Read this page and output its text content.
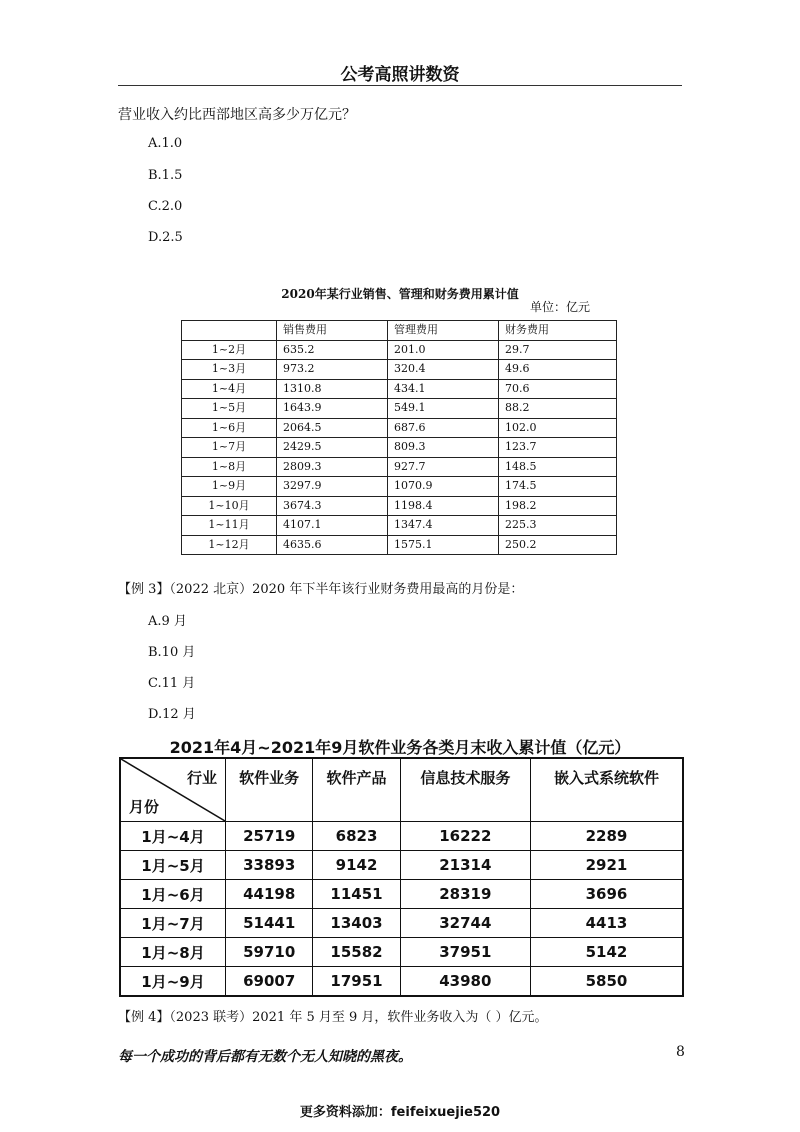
公考高照讲数资
营业收入约比西部地区高多少万亿元？
A.1.0
B.1.5
C.2.0
D.2.5
2020年某行业销售、管理和财务费用累计值
单位：亿元
	销售费用	管理费用	财务费用
1~2月	635.2	201.0	29.7
1~3月	973.2	320.4	49.6
1~4月	1310.8	434.1	70.6
1~5月	1643.9	549.1	88.2
1~6月	2064.5	687.6	102.0
1~7月	2429.5	809.3	123.7
1~8月	2809.3	927.7	148.5
1~9月	3297.9	1070.9	174.5
1~10月	3674.3	1198.4	198.2
1~11月	4107.1	1347.4	225.3
1~12月	4635.6	1575.1	250.2
【例 3】（2022 北京）2020 年下半年该行业财务费用最高的月份是：
A.9 月
B.10 月
C.11 月
D.12 月
2021年4月~2021年9月软件业务各类月末收入累计值（亿元）
行业
月份	软件业务	软件产品	信息技术服务	嵌入式系统软件
1月~4月	25719	6823	16222	2289
1月~5月	33893	9142	21314	2921
1月~6月	44198	11451	28319	3696
1月~7月	51441	13403	32744	4413
1月~8月	59710	15582	37951	5142
1月~9月	69007	17951	43980	5850
【例 4】（2023 联考）2021 年 5 月至 9 月，软件业务收入为（ ）亿元。
每一个成功的背后都有无数个无人知晓的黑夜。	8
更多资料添加：feifeixuejie520
